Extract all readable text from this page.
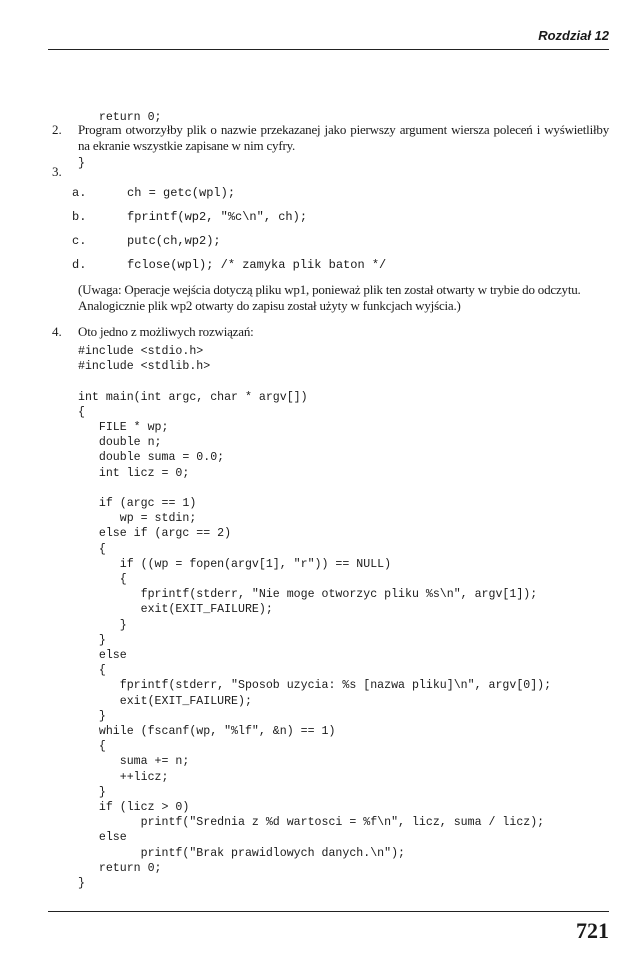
Rozdział 12

return 0;

}

2. Program otworzyłby plik o nazwie przekazanej jako pierwszy argument wiersza poleceń i wyświetliłby na ekranie wszystkie zapisane w nim cyfry.
3.
a.	ch = getc(wpl);
b.	fprintf(wp2, "%c\n", ch);
c.	putc(ch,wp2);
d.	fclose(wpl); /* zamyka plik baton */
(Uwaga: Operacje wejścia dotyczą pliku wp1, ponieważ plik ten został otwarty w trybie do odczytu. Analogicznie plik wp2 otwarty do zapisu został użyty w funkcjach wyjścia.)
4. Oto jedno z możliwych rozwiązań:
#include <stdio.h>
#include <stdlib.h>
int main(int argc, char * argv[])
{
FILE * wp;
double n;
double suma = 0.0;
int licz = 0;
if (argc == 1)
wp = stdin;
else if (argc == 2)
{
if ((wp = fopen(argv[1], "r")) == NULL)
{
fprintf(stderr, "Nie moge otworzyc pliku %s\n", argv[1]);
exit(EXIT_FAILURE);
}
}
else
{
fprintf(stderr, "Sposob uzycia: %s [nazwa pliku]\n", argv[0]);
exit(EXIT_FAILURE);
}
while (fscanf(wp, "%lf", &n) == 1)
{
suma += n;
++licz;
}
if (licz > 0)
printf("Srednia z %d wartosci = %f\n", licz, suma / licz);
else
printf("Brak prawidlowych danych.\n");
return 0;
}
721
